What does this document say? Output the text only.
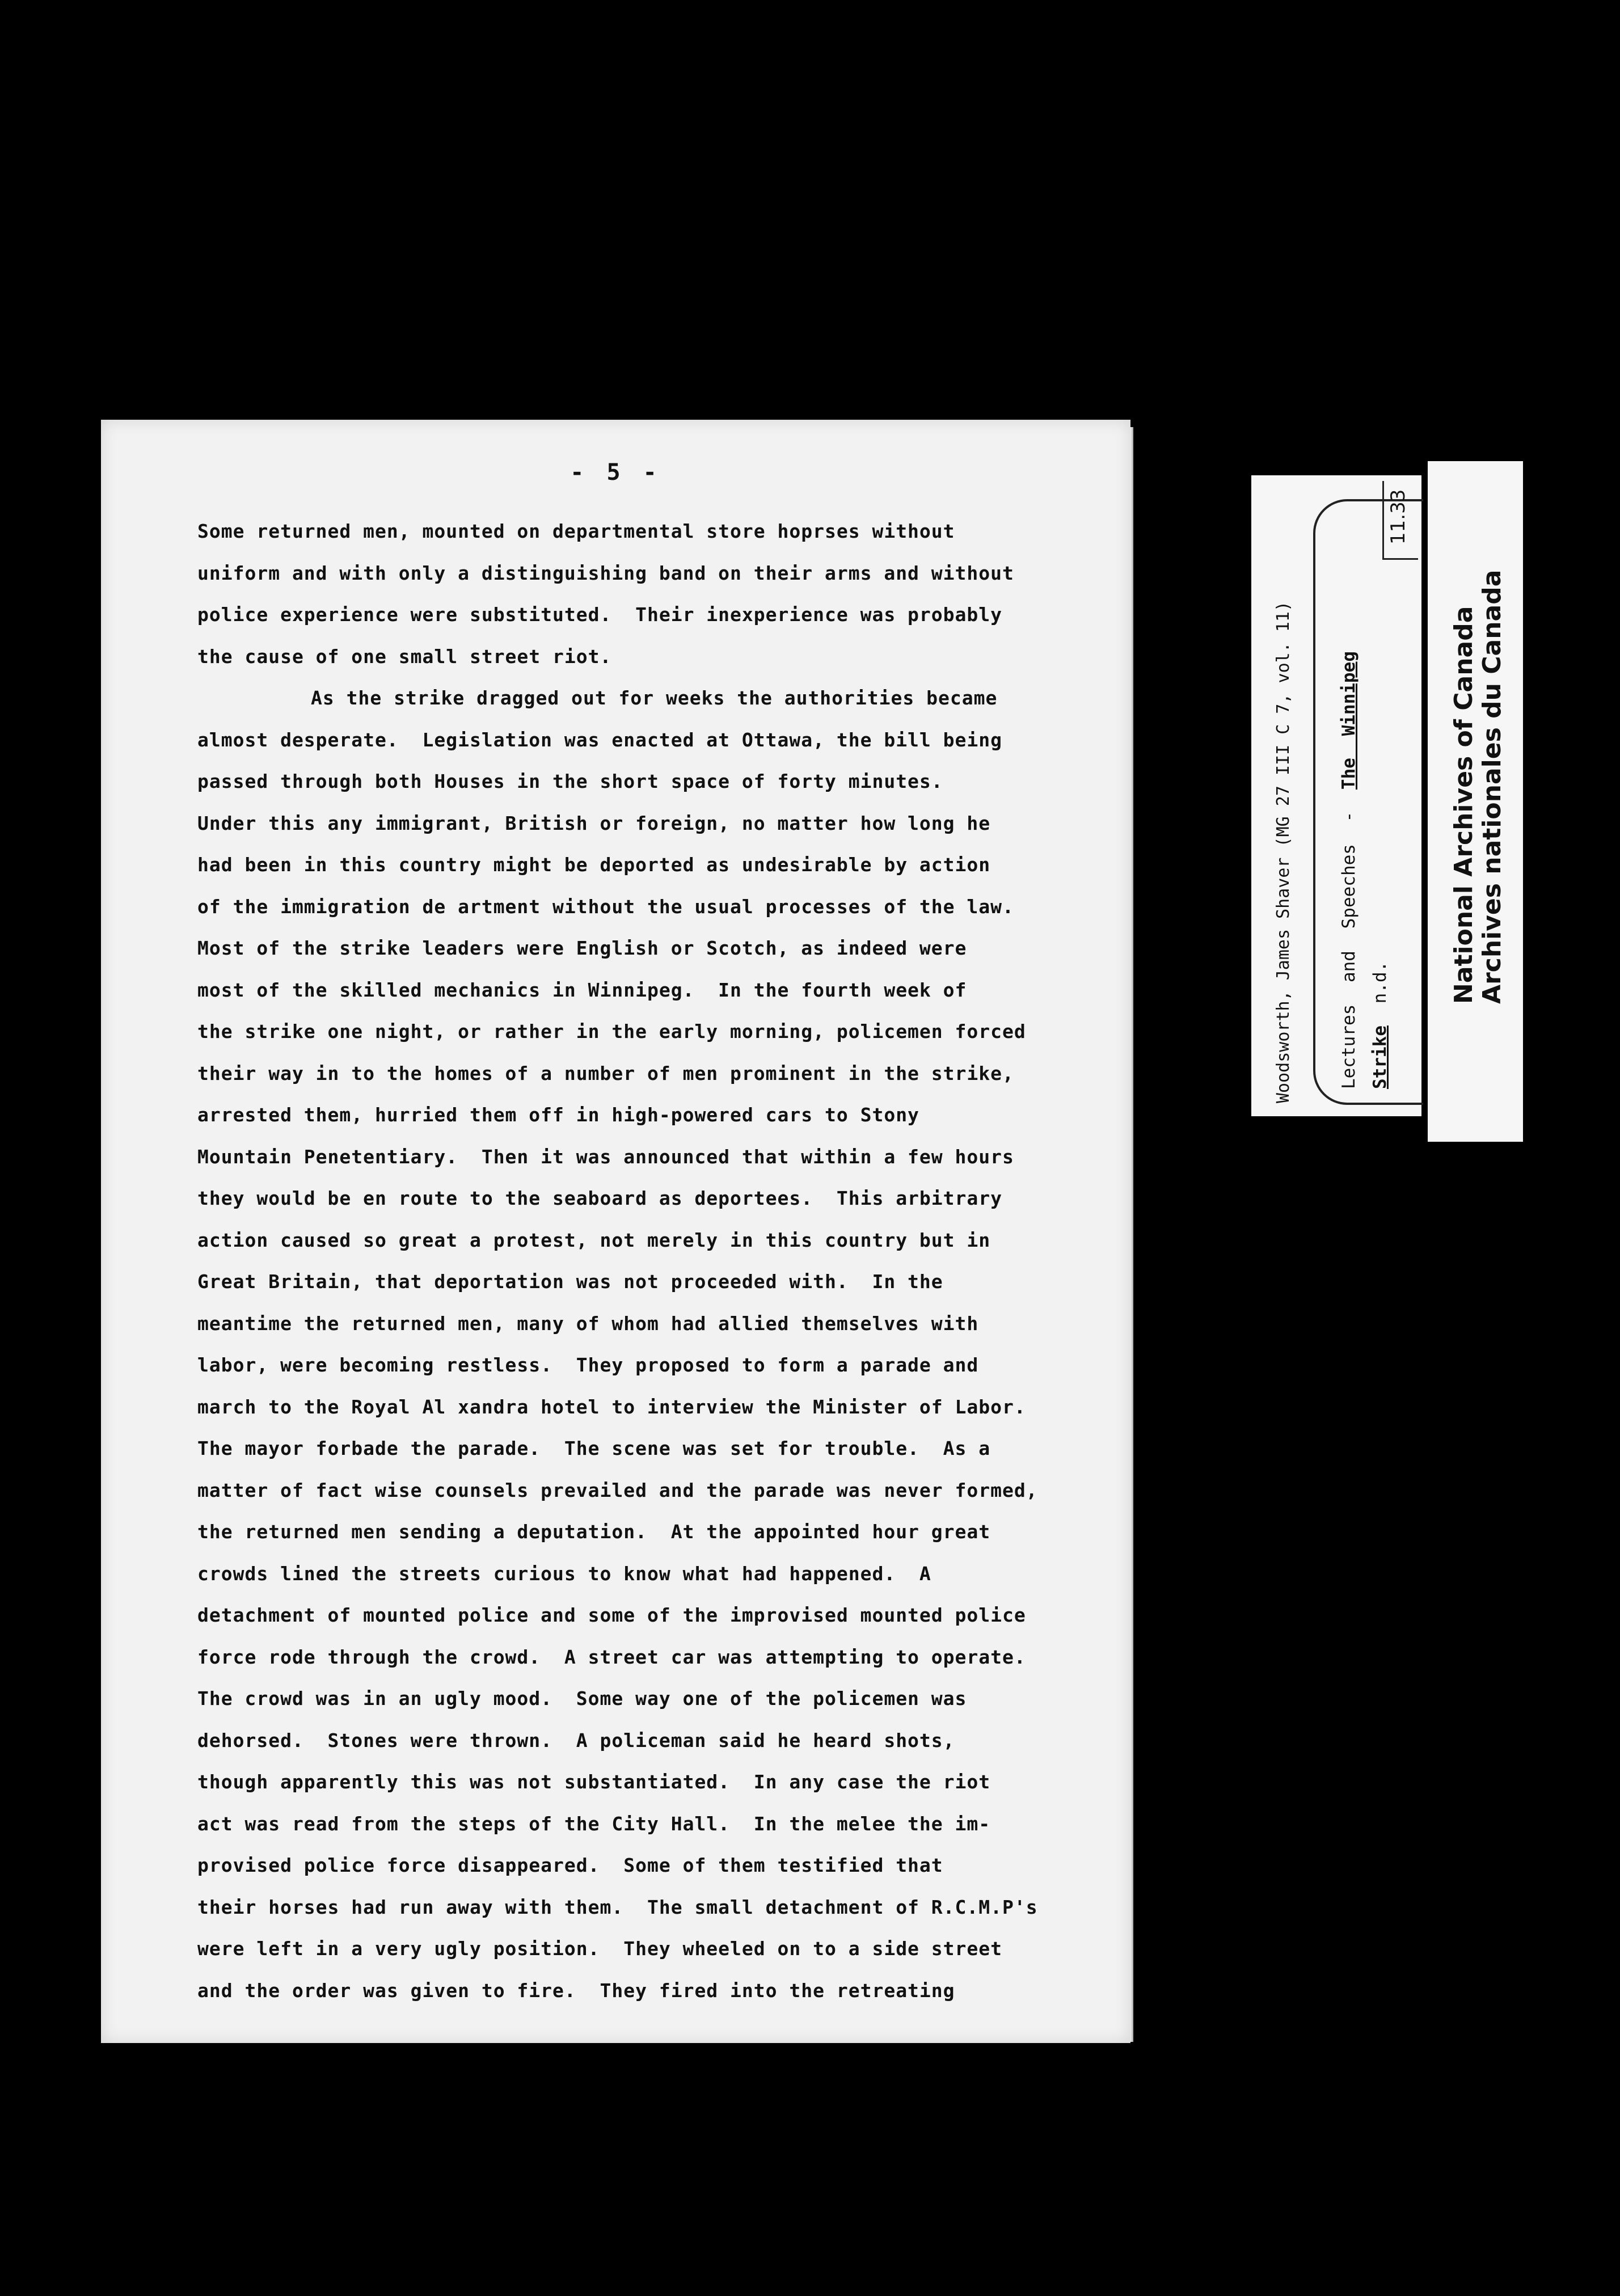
- 5 -
Some returned men, mounted on departmental store hoprses without
uniform and with only a distinguishing band on their arms and without
police experience were substituted.  Their inexperience was probably
the cause of one small street riot.
As the strike dragged out for weeks the authorities became
almost desperate.  Legislation was enacted at Ottawa, the bill being
passed through both Houses in the short space of forty minutes.
Under this any immigrant, British or foreign, no matter how long he
had been in this country might be deported as undesirable by action
of the immigration de artment without the usual processes of the law.
Most of the strike leaders were English or Scotch, as indeed were
most of the skilled mechanics in Winnipeg.  In the fourth week of
the strike one night, or rather in the early morning, policemen forced
their way in to the homes of a number of men prominent in the strike,
arrested them, hurried them off in high-powered cars to Stony
Mountain Penetentiary.  Then it was announced that within a few hours
they would be en route to the seaboard as deportees.  This arbitrary
action caused so great a protest, not merely in this country but in
Great Britain, that deportation was not proceeded with.  In the
meantime the returned men, many of whom had allied themselves with
labor, were becoming restless.  They proposed to form a parade and
march to the Royal Al xandra hotel to interview the Minister of Labor.
The mayor forbade the parade.  The scene was set for trouble.  As a
matter of fact wise counsels prevailed and the parade was never formed,
the returned men sending a deputation.  At the appointed hour great
crowds lined the streets curious to know what had happened.  A
detachment of mounted police and some of the improvised mounted police
force rode through the crowd.  A street car was attempting to operate.
The crowd was in an ugly mood.  Some way one of the policemen was
dehorsed.  Stones were thrown.  A policeman said he heard shots,
though apparently this was not substantiated.  In any case the riot
act was read from the steps of the City Hall.  In the melee the im-
provised police force disappeared.  Some of them testified that
their horses had run away with them.  The small detachment of R.C.M.P's
were left in a very ugly position.  They wheeled on to a side street
and the order was given to fire.  They fired into the retreating
Woodsworth, James Shaver (MG 27 III C 7, vol. 11)	Lectures and Speeches - The Winnipeg
Strike n.d.
11.33
National Archives of Canada Archives nationales du Canada
